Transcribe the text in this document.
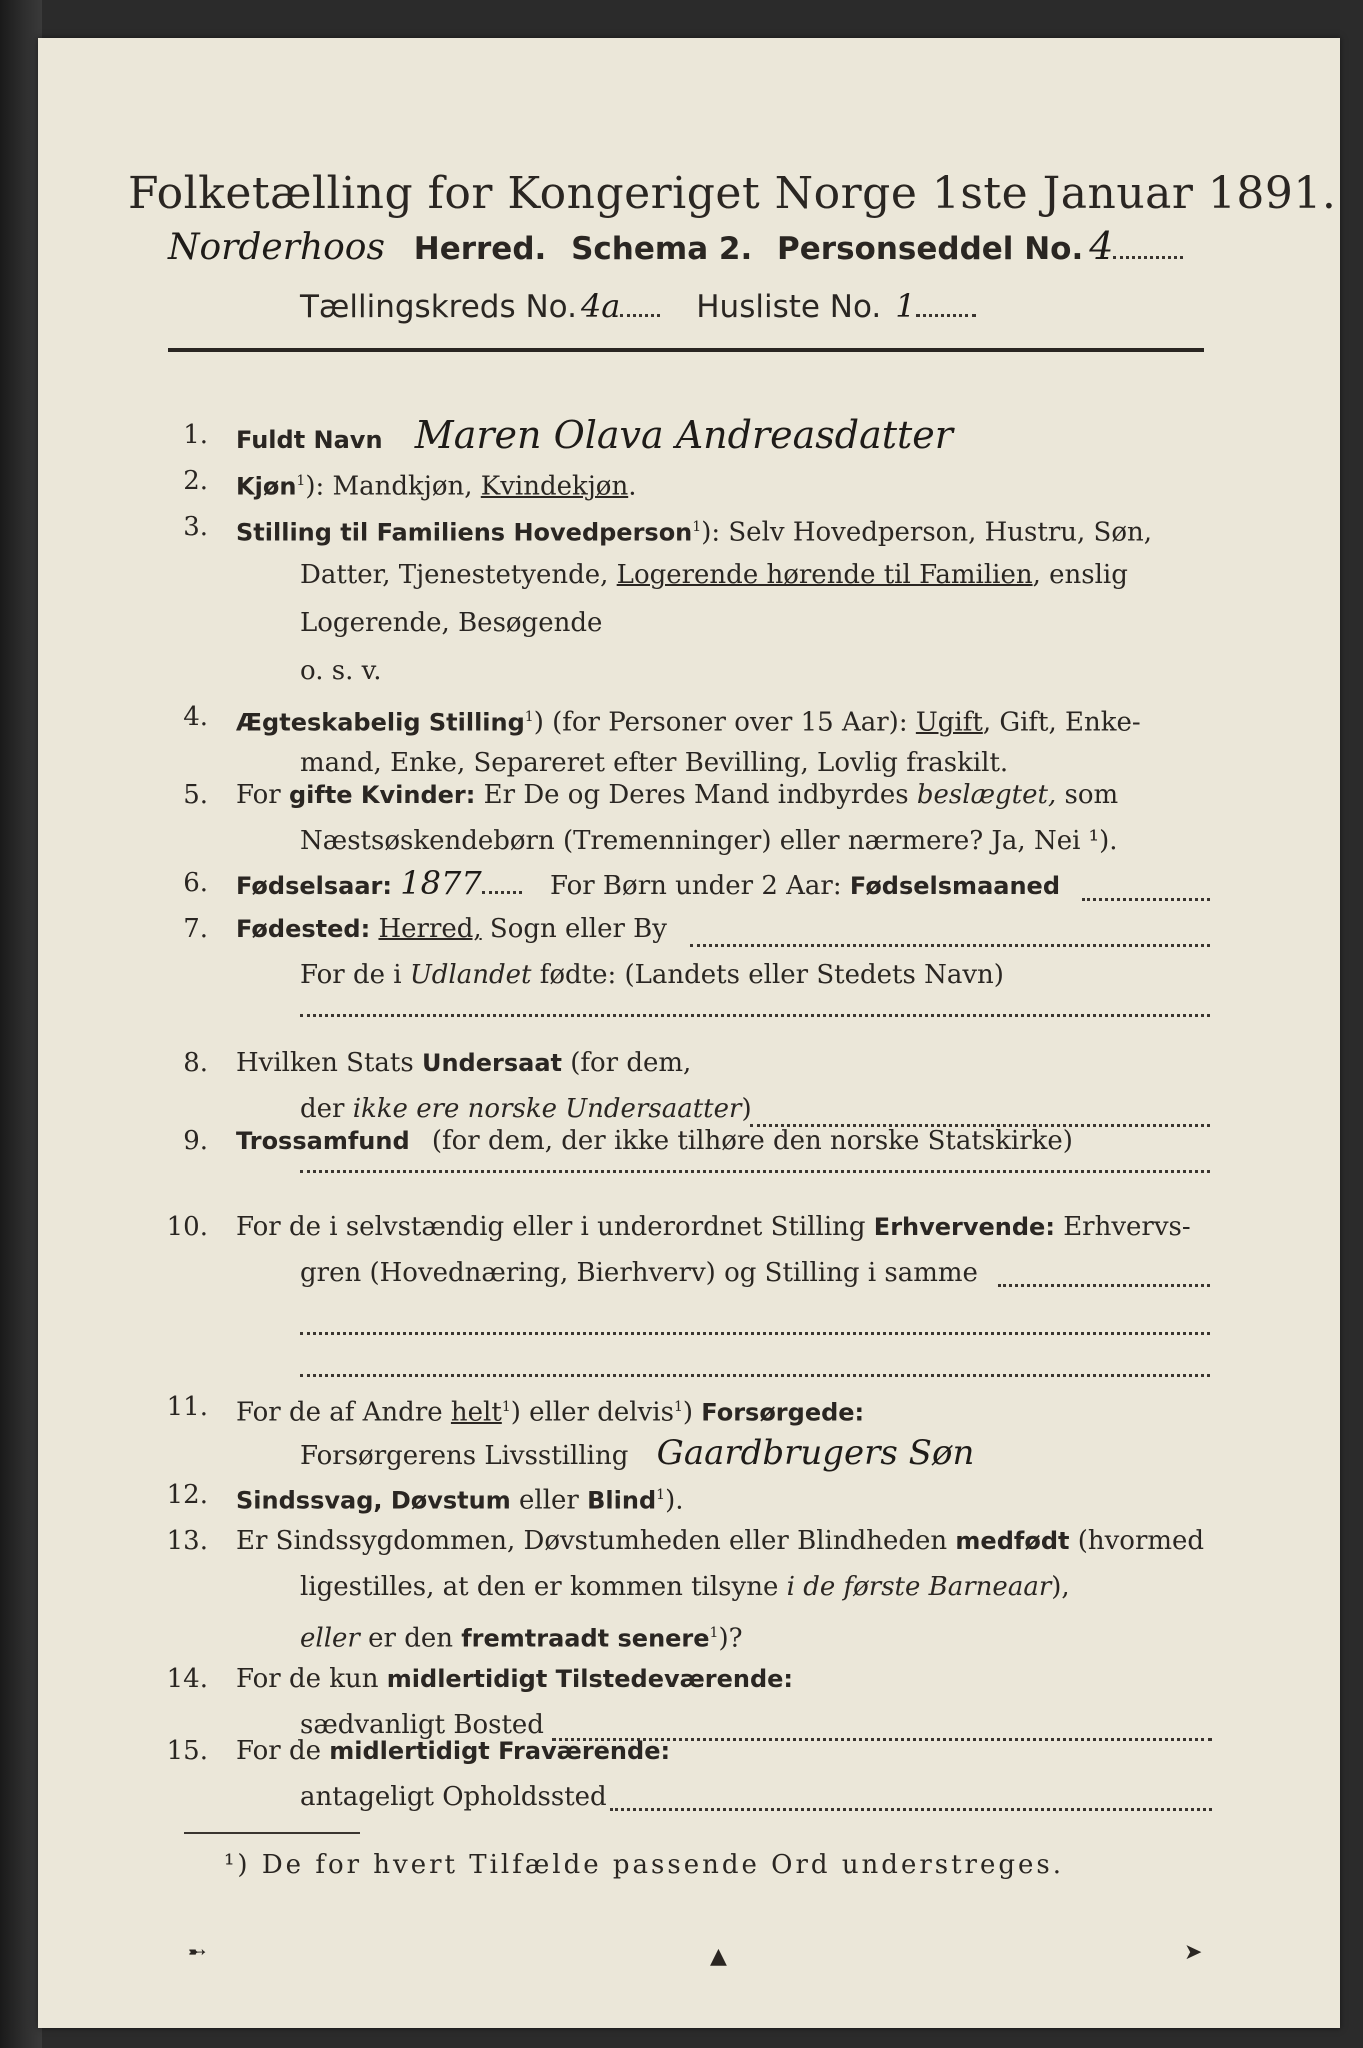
Folketælling for Kongeriget Norge 1ste Januar 1891.
Norderhoos Herred. Schema 2. Personseddel No. 4
Tællingskreds No. 4a Husliste No. 1
1. Fuldt Navn Maren Olava Andreasdatter
2. Kjøn$^1$): Mandkjøn, Kvindekjøn.
3. Stilling til Familiens Hovedperson$^1$): Selv Hovedperson, Hustru, Søn,
Datter, Tjenestetyende, Logerende hørende til Familien, enslig
Logerende, Besøgende
o. s. v.
4. Ægteskabelig Stilling$^1$) (for Personer over 15 Aar): Ugift, Gift, Enke-
mand, Enke, Separeret efter Bevilling, Lovlig fraskilt.
5. For gifte Kvinder: Er De og Deres Mand indbyrdes beslægtet, som
Næstsøskendebørn (Tremenninger) eller nærmere? Ja, Nei ¹).
6. Fødselsaar: 1877	For Børn under 2 Aar: Fødselsmaaned
7. Fødested: Herred, Sogn eller By
For de i Udlandet fødte: (Landets eller Stedets Navn)
8. Hvilken Stats Undersaat (for dem,
der ikke ere norske Undersaatter)
9. Trossamfund (for dem, der ikke tilhøre den norske Statskirke)
10. For de i selvstændig eller i underordnet Stilling Erhvervende: Erhvervs-
gren (Hovednæring, Bierhverv) og Stilling i samme
11. For de af Andre helt$^1$) eller delvis$^1$) Forsørgede:
Forsørgerens Livsstilling Gaardbrugers Søn
12. Sindssvag, Døvstum eller Blind$^1$).
13. Er Sindssygdommen, Døvstumheden eller Blindheden medfødt (hvormed
ligestilles, at den er kommen tilsyne i de første Barneaar),
eller er den fremtraadt senere$^1$)?
14. For de kun midlertidigt Tilstedeværende:
sædvanligt Bosted
15. For de midlertidigt Fraværende:
antageligt Opholdssted
¹) De for hvert Tilfælde passende Ord understreges.
➸	▲	➤
